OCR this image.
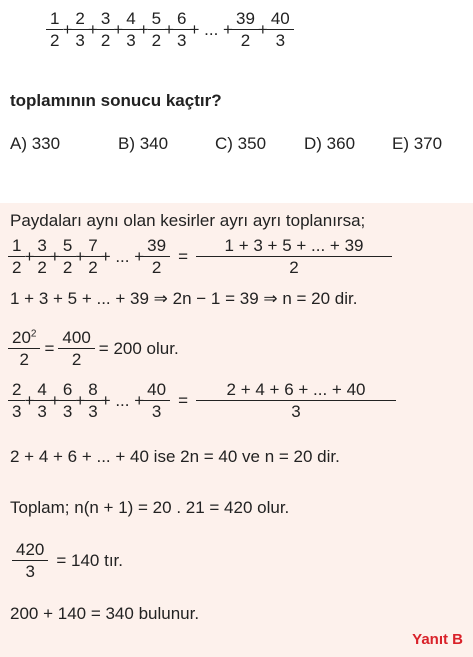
$\frac{1}{2} + \frac{2}{3} + \frac{3}{2} + \frac{4}{3} + \frac{5}{2} + \frac{6}{3}$ + ... + $\frac{39}{2} + \frac{40}{3}$
toplamının sonucu kaçtır?
A) 330	B) 340	C) 350 D) 360 E) 370
Paydaları aynı olan kesirler ayrı ayrı toplanırsa;
$\frac{1}{2} + \frac{3}{2} + \frac{5}{2} + \frac{7}{2}$ + ... + $\frac{39}{2} = \frac{1 + 3 + 5 + ... + 39}{2}$
1 + 3 + 5 + ... + 39 ⇒ 2n − 1 = 39 ⇒ n = 20 dir.
$\frac{20^2}{2} = \frac{400}{2} = 200$ olur.
$\frac{2}{3} + \frac{4}{3} + \frac{6}{3} + \frac{8}{3}$ + ... + $\frac{40}{3} = \frac{2 + 4 + 6 + ... + 40}{3}$
2 + 4 + 6 + ... + 40 ise 2n = 40 ve n = 20 dir.
Toplam; n(n + 1) = 20 . 21 = 420 olur.
$\frac{420}{3} = 140$ tır.
200 + 140 = 340 bulunur.
Yanıt B
